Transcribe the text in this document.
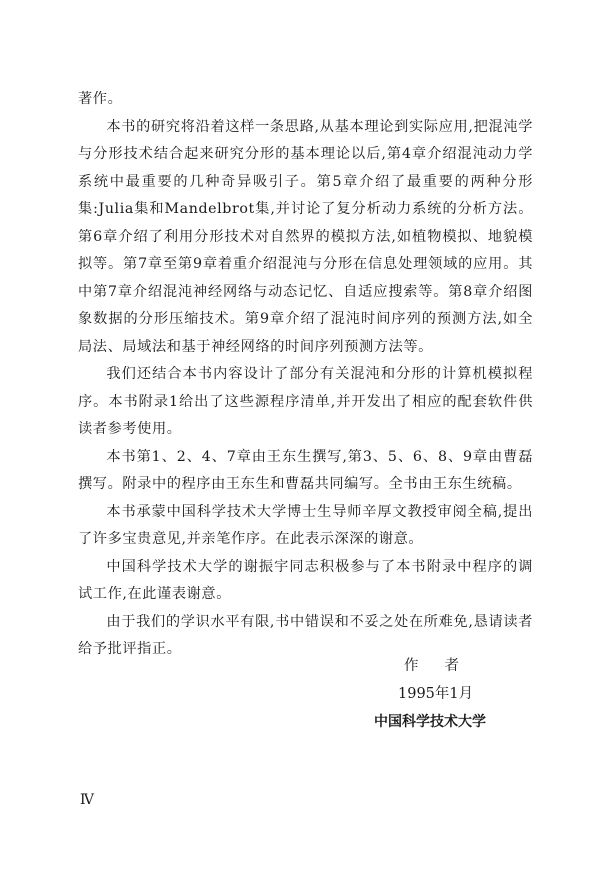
著作。

本书的研究将沿着这样一条思路,从基本理论到实际应用,把混沌学与分形技术结合起来研究分形的基本理论以后,第4章介绍混沌动力学系统中最重要的几种奇异吸引子。第5章介绍了最重要的两种分形集:Julia集和Mandelbrot集,并讨论了复分析动力系统的分析方法。第6章介绍了利用分形技术对自然界的模拟方法,如植物模拟、地貌模拟等。第7章至第9章着重介绍混沌与分形在信息处理领域的应用。其中第7章介绍混沌神经网络与动态记忆、自适应搜索等。第8章介绍图象数据的分形压缩技术。第9章介绍了混沌时间序列的预测方法,如全局法、局域法和基于神经网络的时间序列预测方法等。

我们还结合本书内容设计了部分有关混沌和分形的计算机模拟程序。本书附录1给出了这些源程序清单,并开发出了相应的配套软件供读者参考使用。

本书第1、2、4、7章由王东生撰写,第3、5、6、8、9章由曹磊撰写。附录中的程序由王东生和曹磊共同编写。全书由王东生统稿。

本书承蒙中国科学技术大学博士生导师辛厚文教授审阅全稿,提出了许多宝贵意见,并亲笔作序。在此表示深深的谢意。

中国科学技术大学的谢振宇同志积极参与了本书附录中程序的调试工作,在此谨表谢意。

由于我们的学识水平有限,书中错误和不妥之处在所难免,恳请读者给予批评指正。

作者
1995年1月
中国科学技术大学
Ⅳ
